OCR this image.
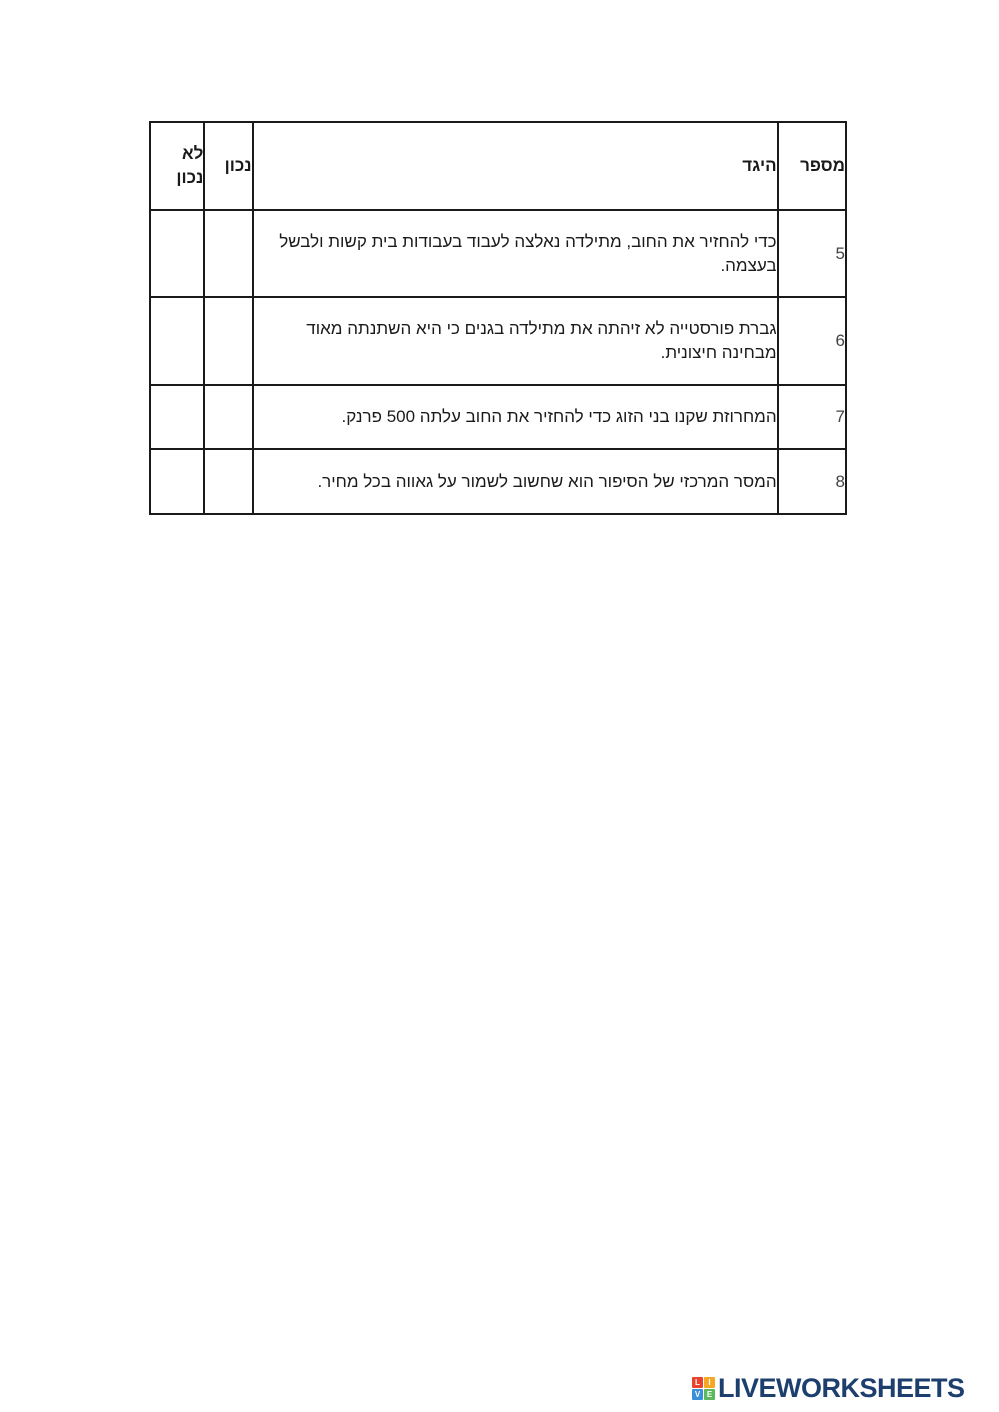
מספר	היגד	נכון	לא
נכון
5	כדי להחזיר את החוב, מתילדה נאלצה לעבוד בעבודות בית קשות ולבשל בעצמה.		
6	גברת פורסטייה לא זיהתה את מתילדה בגנים כי היא השתנתה מאוד מבחינה חיצונית.		
7	המחרוזת שקנו בני הזוג כדי להחזיר את החוב עלתה 500 פרנק.		
8	המסר המרכזי של הסיפור הוא שחשוב לשמור על גאווה בכל מחיר.		
L	I
V E LIVEWORKSHEETS
